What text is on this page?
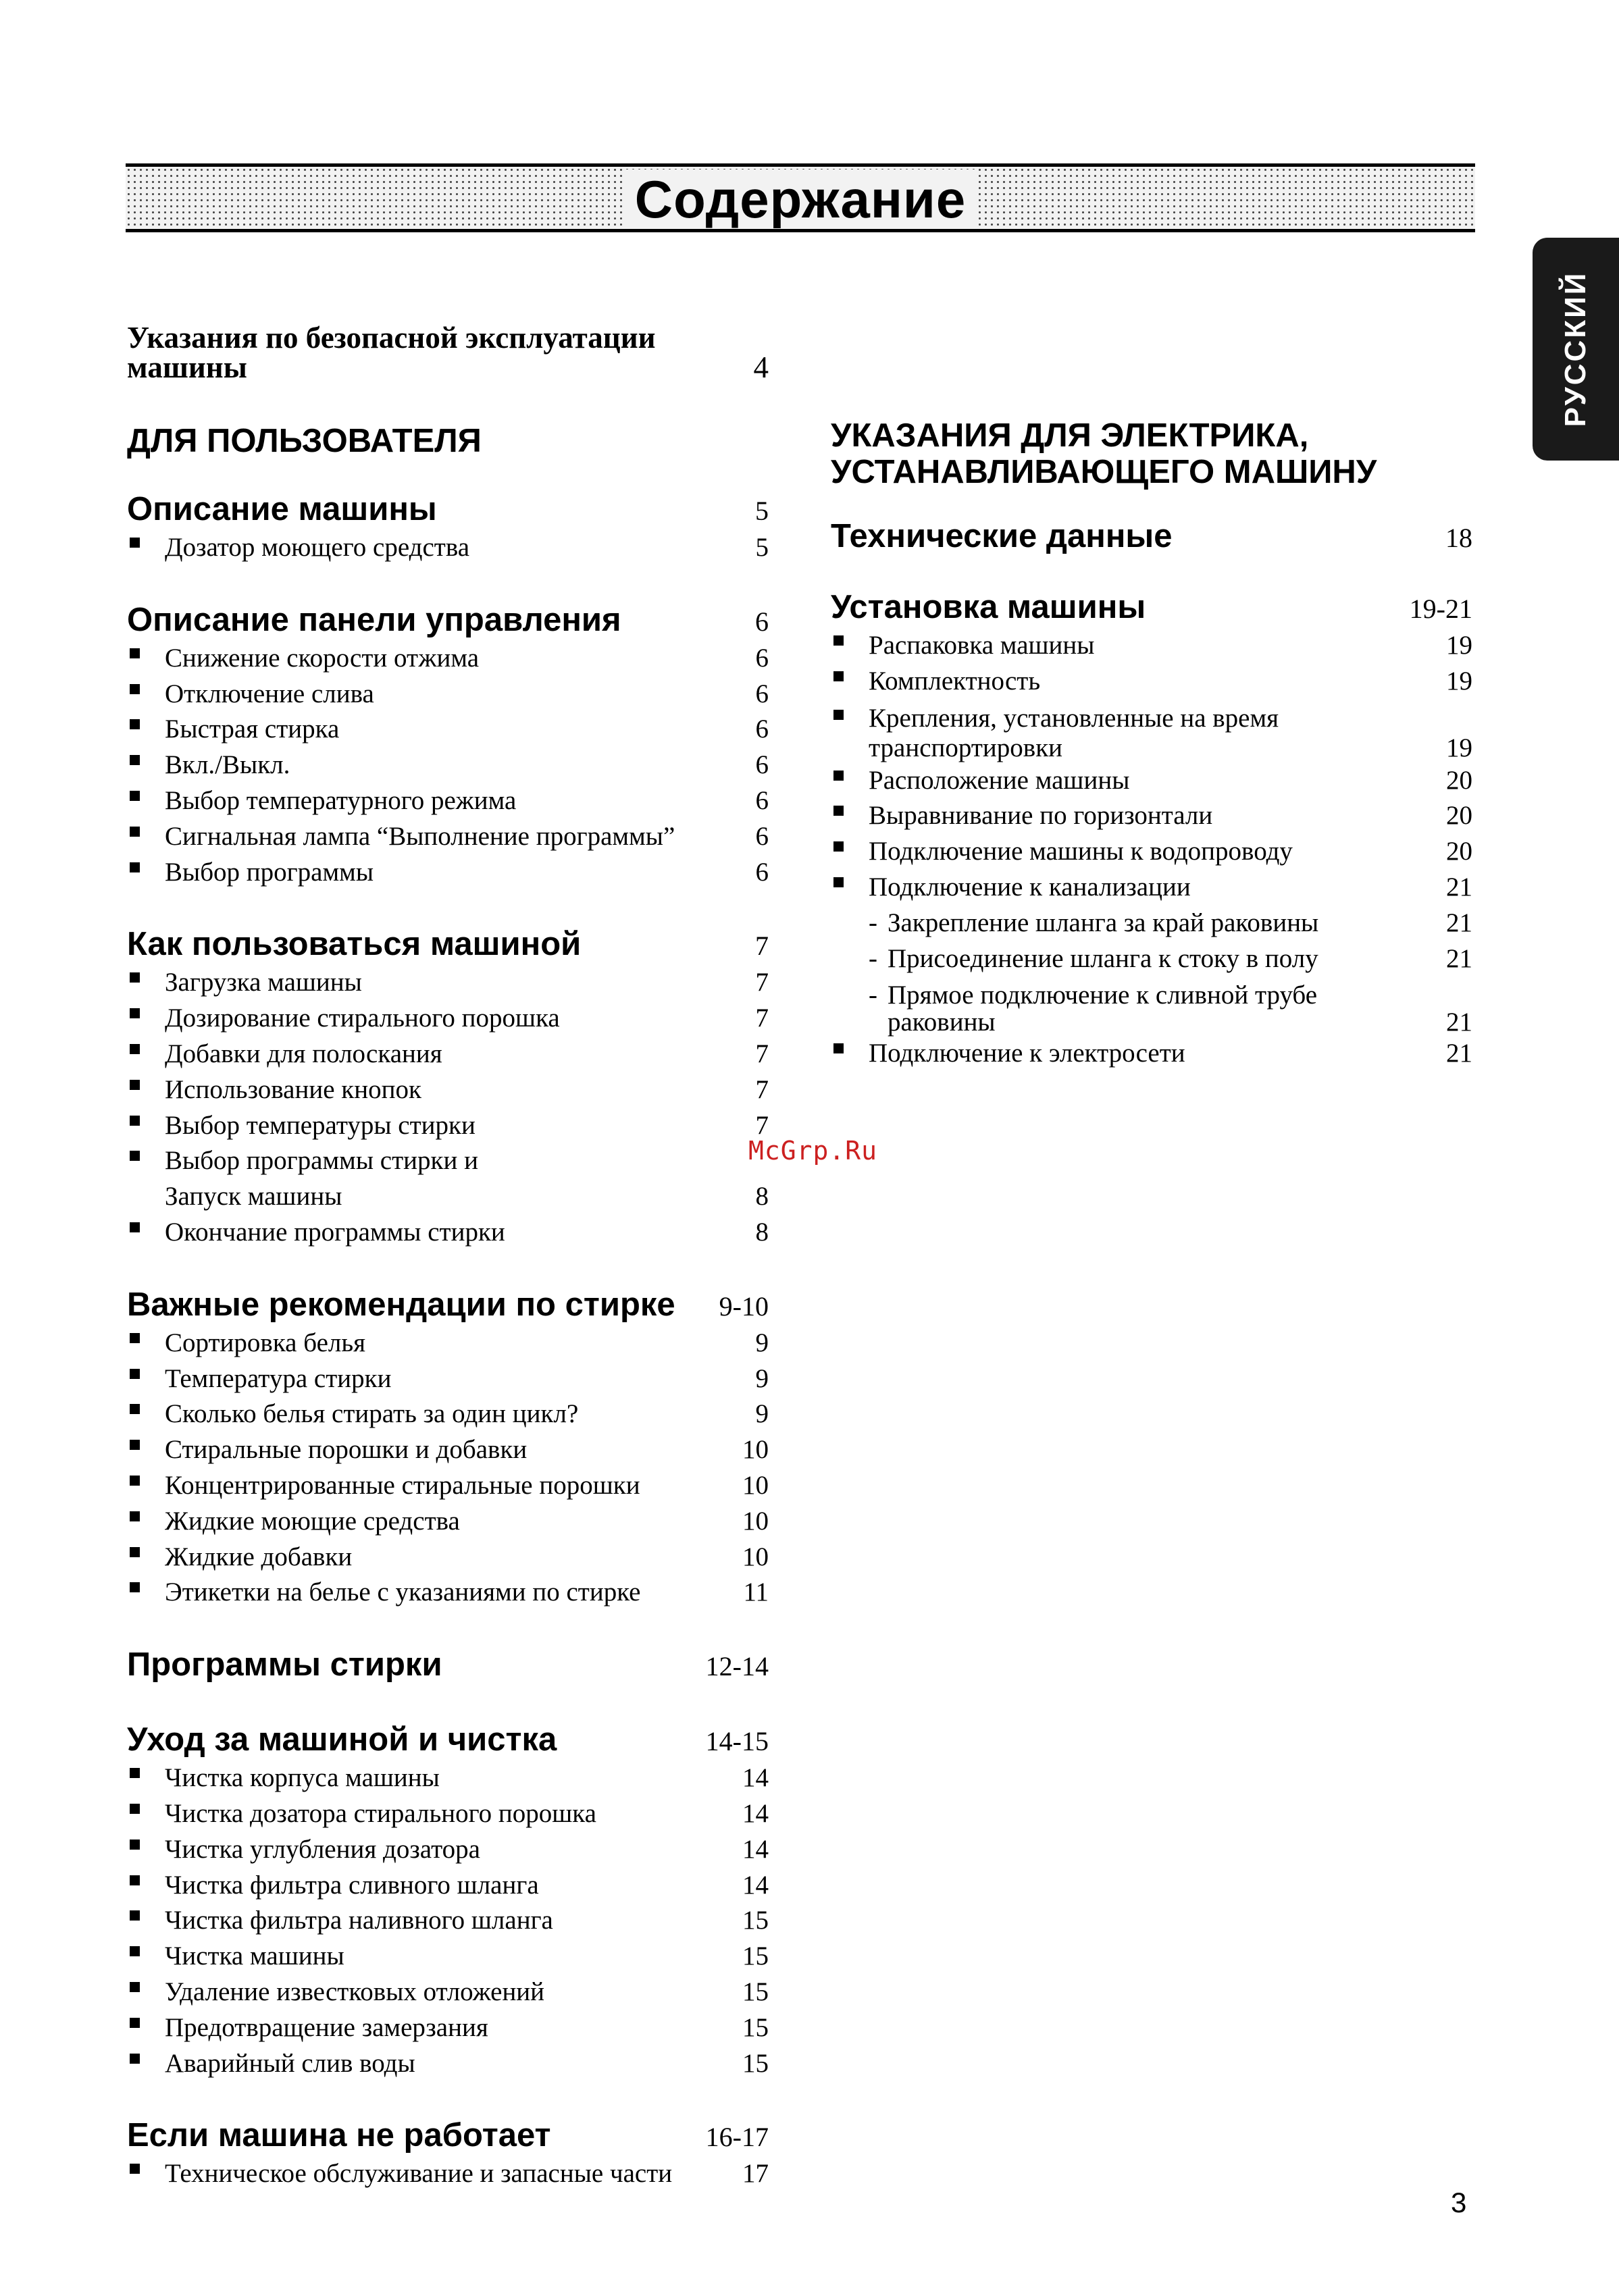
Содержание
РУССКИЙ
Указания по безопасной эксплуатации
машины	4
ДЛЯ ПОЛЬЗОВАТЕЛЯ
Описание машины	5
Дозатор моющего средства	5
Описание панели управления	6
Снижение скорости отжима	6
Отключение слива	6
Быстрая стирка	6
Вкл./Выкл.	6
Выбор температурного режима	6
Сигнальная лампа “Выполнение программы”	6
Выбор программы	6
Как пользоваться машиной	7
Загрузка машины	7
Дозирование стирального порошка	7
Добавки для полоскания	7
Использование кнопок	7
Выбор температуры стирки	7
Выбор программы стирки и
Запуск машины	8
Окончание программы стирки	8
Важные рекомендации по стирке	9-10
Сортировка белья	9
Температура стирки	9
Сколько белья стирать за один цикл?	9
Стиральные порошки и добавки	10
Концентрированные стиральные порошки	10
Жидкие моющие средства	10
Жидкие добавки	10
Этикетки на белье с указаниями по стирке	11
Программы стирки	12-14
Уход за машиной и чистка	14-15
Чистка корпуса машины	14
Чистка дозатора стирального порошка	14
Чистка углубления дозатора	14
Чистка фильтра сливного шланга	14
Чистка фильтра наливного шланга	15
Чистка машины	15
Удаление известковых отложений	15
Предотвращение замерзания	15
Аварийный слив воды	15
Если машина не работает	16-17
Техническое обслуживание и запасные части	17
УКАЗАНИЯ ДЛЯ ЭЛЕКТРИКА,
УСТАНАВЛИВАЮЩЕГО МАШИНУ
Технические данные	18
Установка машины	19-21
Распаковка машины	19
Комплектность	19
Крепления, установленные на время
транспортировки	19
Расположение машины	20
Выравнивание по горизонтали	20
Подключение машины к водопроводу	20
Подключение к канализации	21
- Закрепление шланга за край раковины	21
- Присоединение шланга к стоку в полу	21
- Прямое подключение к сливной трубе
раковины	21
Подключение к электросети	21
McGrp.Ru
3
